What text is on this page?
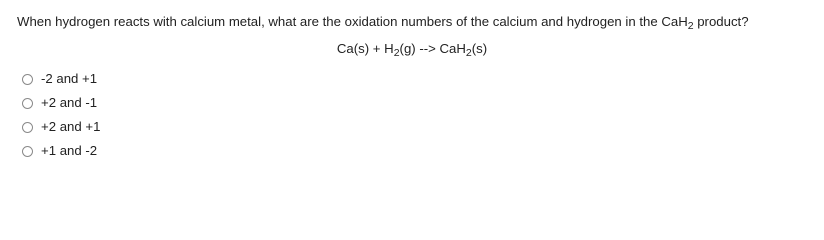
When hydrogen reacts with calcium metal, what are the oxidation numbers of the calcium and hydrogen in the CaH$_2$ product?
$Ca(s) + H_2(g)$ --> CaH$_2$(s)
-2 and +1
+2 and -1
+2 and +1
+1 and -2
